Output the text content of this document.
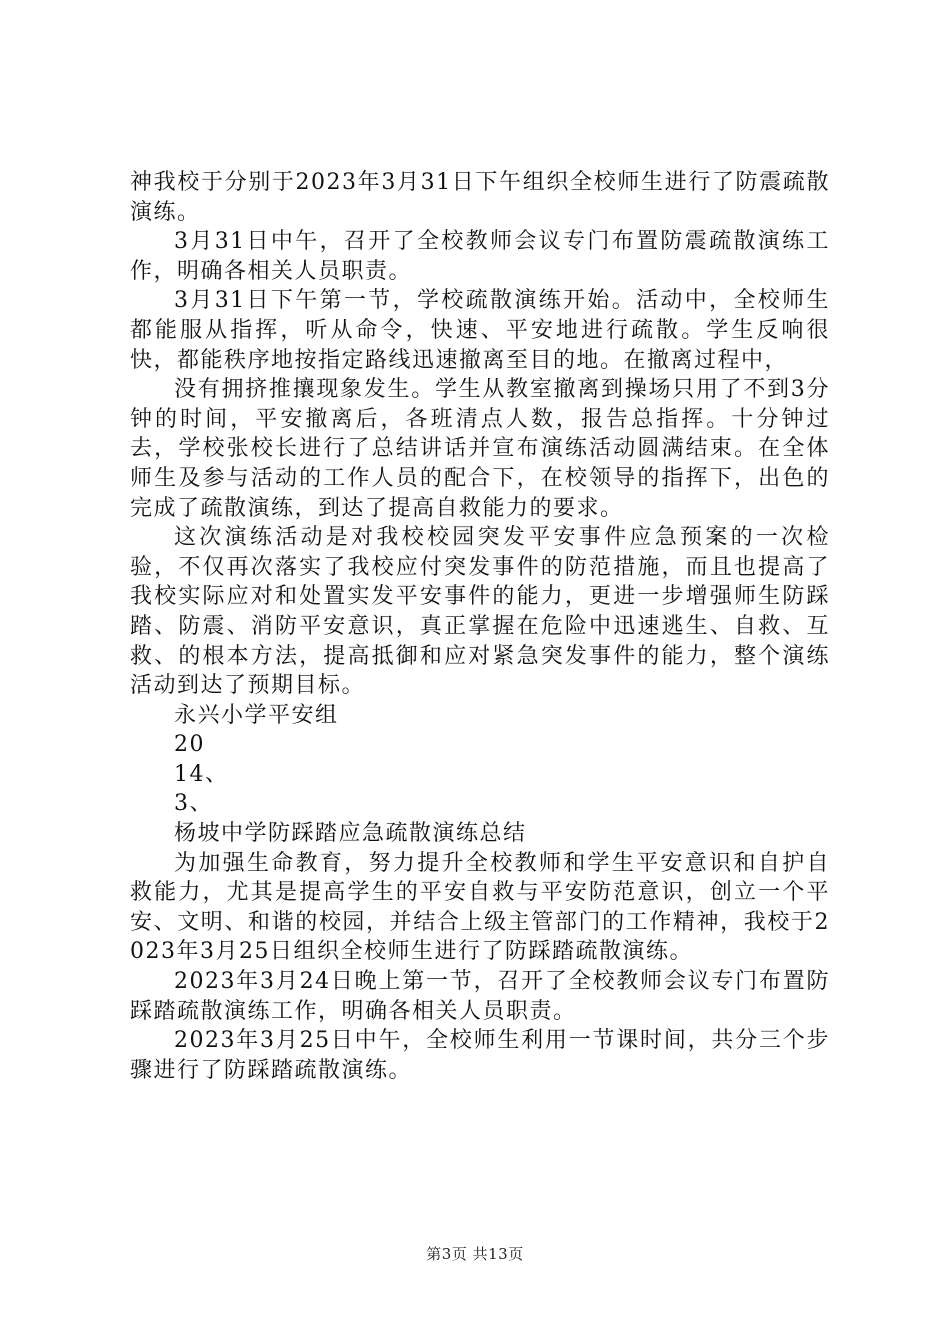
神我校于分别于2023年3月31日下午组织全校师生进行了防震疏散演练。

3月31日中午，召开了全校教师会议专门布置防震疏散演练工作，明确各相关人员职责。

3月31日下午第一节，学校疏散演练开始。活动中，全校师生都能服从指挥，听从命令，快速、平安地进行疏散。学生反响很快，都能秩序地按指定路线迅速撤离至目的地。在撤离过程中，

没有拥挤推攘现象发生。学生从教室撤离到操场只用了不到3分钟的时间，平安撤离后，各班清点人数，报告总指挥。十分钟过去，学校张校长进行了总结讲话并宣布演练活动圆满结束。在全体师生及参与活动的工作人员的配合下，在校领导的指挥下，出色的完成了疏散演练，到达了提高自救能力的要求。

这次演练活动是对我校校园突发平安事件应急预案的一次检验，不仅再次落实了我校应付突发事件的防范措施，而且也提高了我校实际应对和处置实发平安事件的能力，更进一步增强师生防踩踏、防震、消防平安意识，真正掌握在危险中迅速逃生、自救、互救、的根本方法，提高抵御和应对紧急突发事件的能力，整个演练活动到达了预期目标。

永兴小学平安组

20

14、

3、

杨坡中学防踩踏应急疏散演练总结

为加强生命教育，努力提升全校教师和学生平安意识和自护自救能力，尤其是提高学生的平安自救与平安防范意识，创立一个平安、文明、和谐的校园，并结合上级主管部门的工作精神，我校于2023年3月25日组织全校师生进行了防踩踏疏散演练。

2023年3月24日晚上第一节，召开了全校教师会议专门布置防踩踏疏散演练工作，明确各相关人员职责。

2023年3月25日中午，全校师生利用一节课时间，共分三个步骤进行了防踩踏疏散演练。

第3页 共13页
